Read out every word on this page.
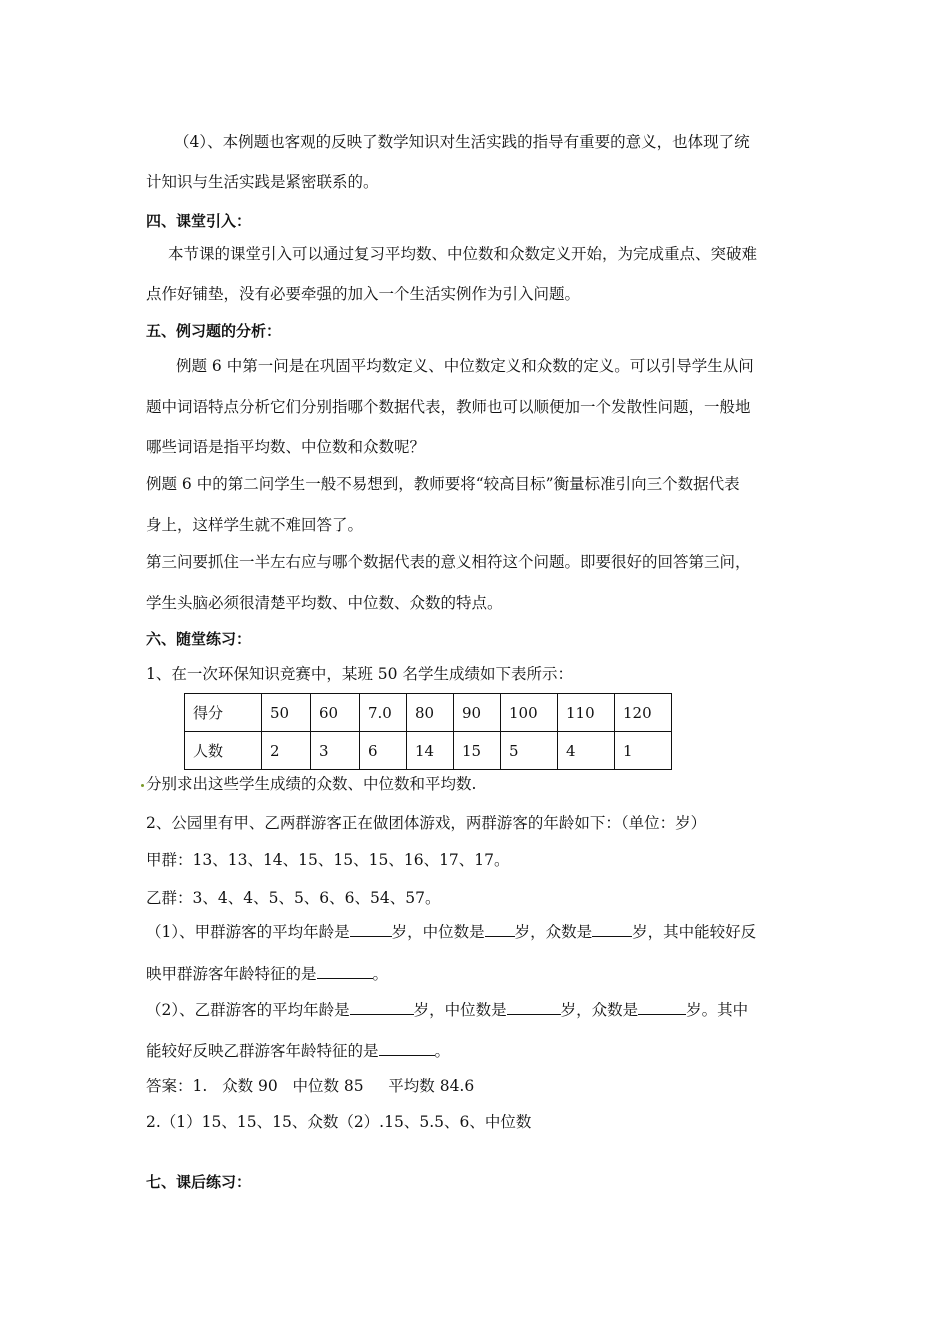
（4）、本例题也客观的反映了数学知识对生活实践的指导有重要的意义，也体现了统
计知识与生活实践是紧密联系的。
四、课堂引入：
本节课的课堂引入可以通过复习平均数、中位数和众数定义开始，为完成重点、突破难
点作好铺垫，没有必要牵强的加入一个生活实例作为引入问题。
五、例习题的分析：
例题 6 中第一问是在巩固平均数定义、中位数定义和众数的定义。可以引导学生从问
题中词语特点分析它们分别指哪个数据代表，教师也可以顺便加一个发散性问题，一般地
哪些词语是指平均数、中位数和众数呢？
例题 6 中的第二问学生一般不易想到，教师要将“较高目标”衡量标准引向三个数据代表
身上，这样学生就不难回答了。
第三问要抓住一半左右应与哪个数据代表的意义相符这个问题。即要很好的回答第三问，
学生头脑必须很清楚平均数、中位数、众数的特点。
六、随堂练习：
1、在一次环保知识竞赛中，某班 50 名学生成绩如下表所示：
得分	50	60	7.0	80	90	100	110	120
人数	2	3	6	14	15	5	4	1
分别求出这些学生成绩的众数、中位数和平均数.
2、公园里有甲、乙两群游客正在做团体游戏，两群游客的年龄如下：（单位：岁）
甲群：13、13、14、15、15、15、16、17、17。
乙群：3、4、4、5、5、6、6、54、57。
（1）、甲群游客的平均年龄是	岁，中位数是 岁，众数是	岁，其中能较好反
映甲群游客年龄特征的是	。
（2）、乙群游客的平均年龄是	岁，中位数是	岁，众数是	岁。其中
能较好反映乙群游客年龄特征的是	。
答案：1.   众数 90   中位数 85     平均数 84.6
2.（1）15、15、15、众数（2）.15、5.5、6、中位数
七、课后练习：
